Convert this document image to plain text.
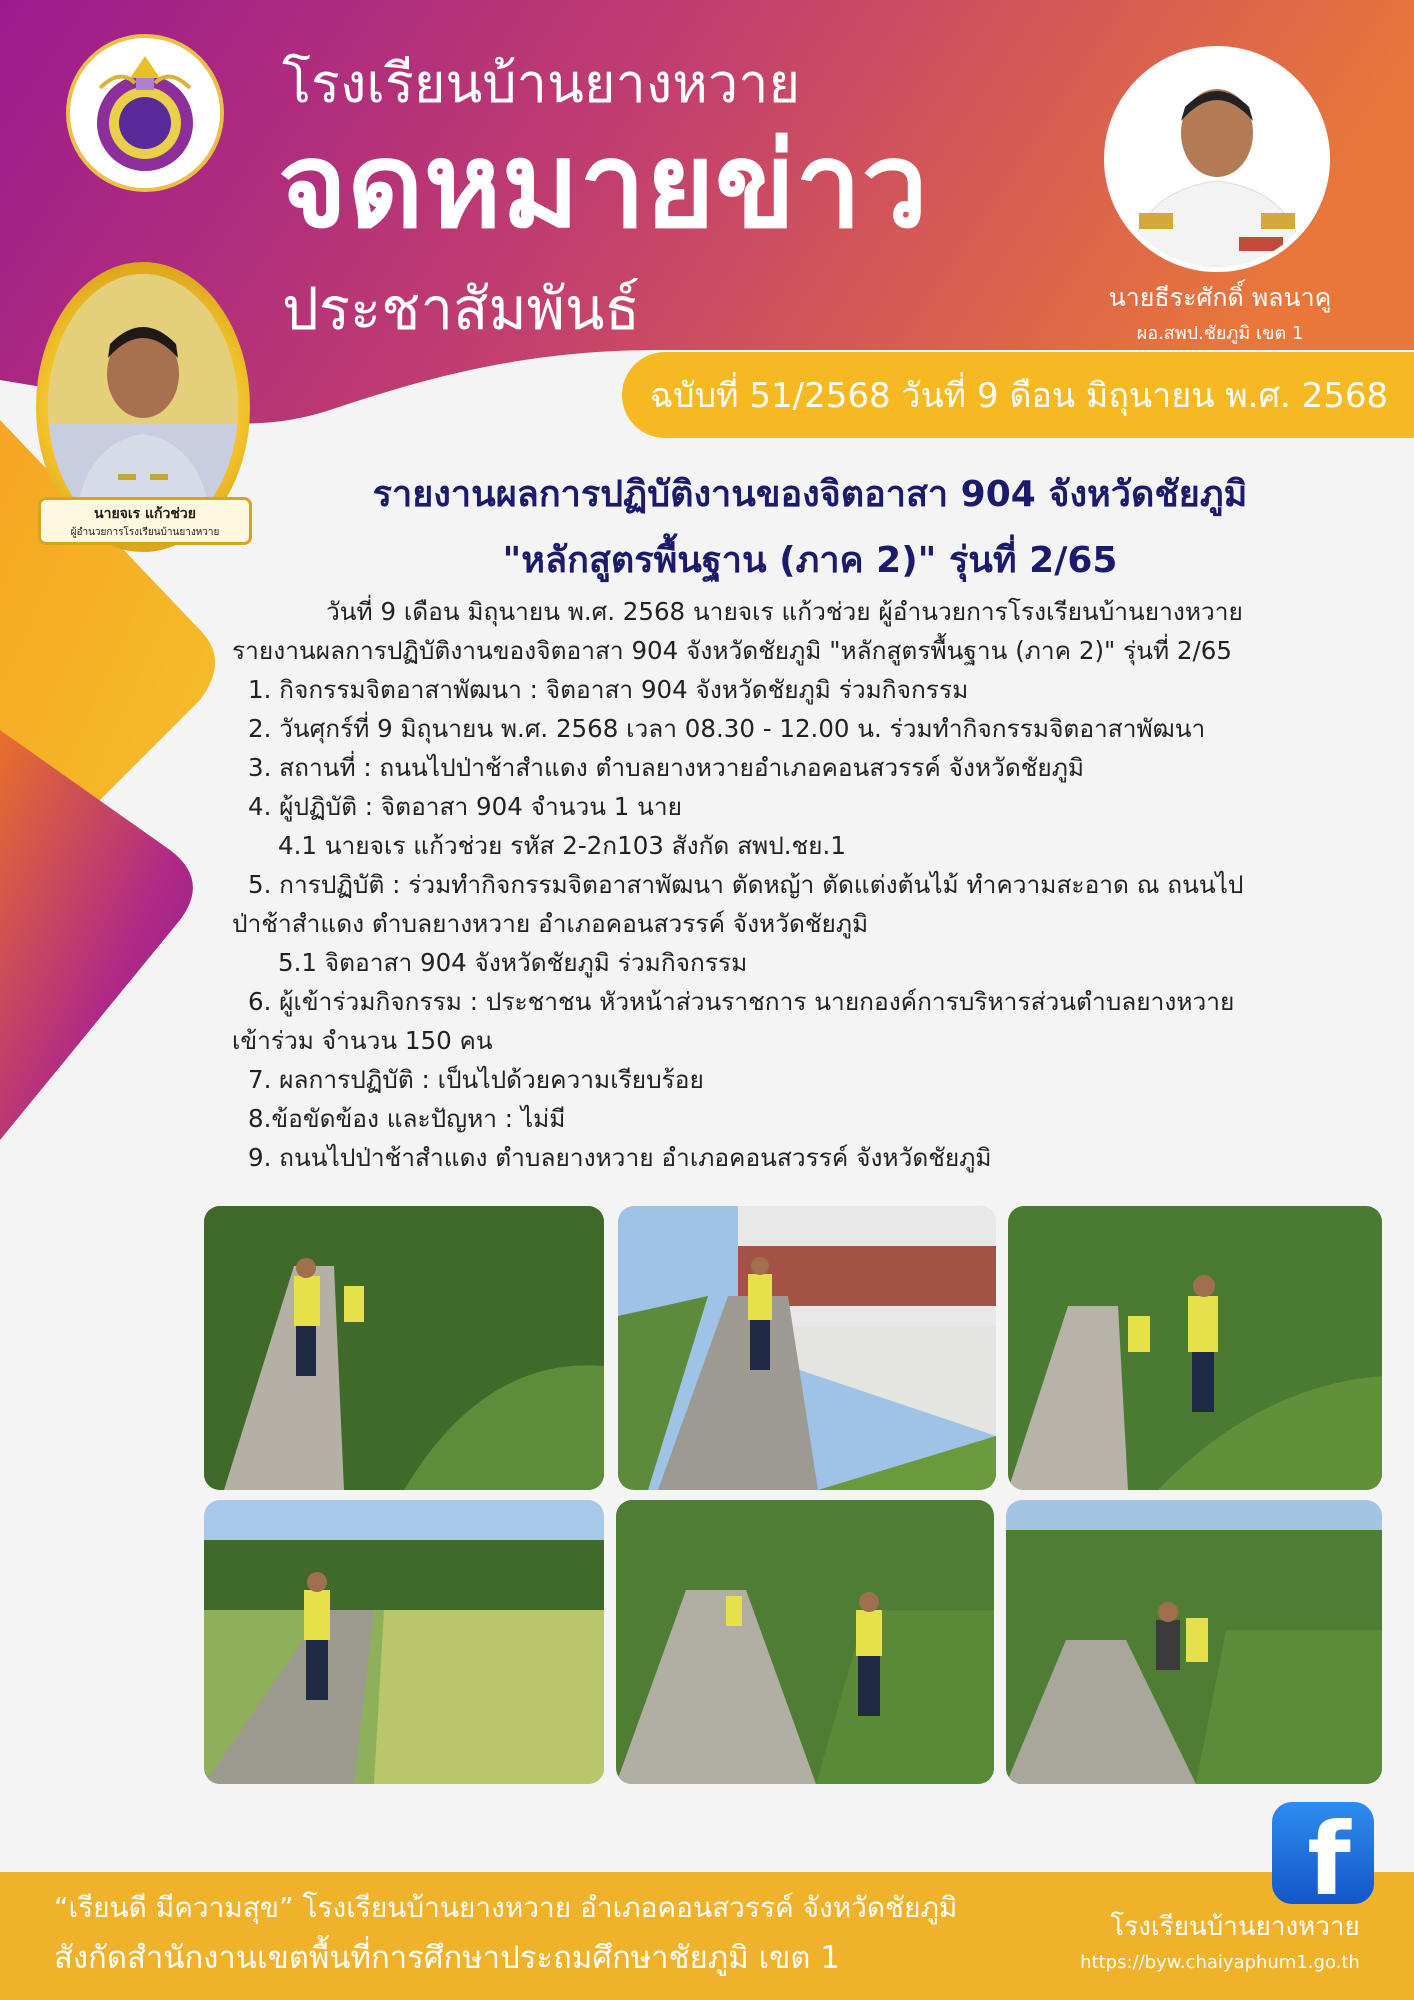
โรงเรียนบ้านยางหวาย
จดหมายข่าว
ประชาสัมพันธ์
นายจเร แก้วช่วย
ผู้อำนวยการโรงเรียนบ้านยางหวาย
นายธีระศักดิ์ พลนาคู
ผอ.สพป.ชัยภูมิ เขต 1
ฉบับที่ 51/2568 วันที่ 9 ดือน มิถุนายน พ.ศ. 2568
รายงานผลการปฏิบัติงานของจิตอาสา 904 จังหวัดชัยภูมิ
"หลักสูตรพื้นฐาน (ภาค 2)" รุ่นที่ 2/65

วันที่ 9 เดือน มิถุนายน พ.ศ. 2568 นายจเร แก้วช่วย ผู้อำนวยการโรงเรียนบ้านยางหวาย

รายงานผลการปฏิบัติงานของจิตอาสา 904 จังหวัดชัยภูมิ "หลักสูตรพื้นฐาน (ภาค 2)" รุ่นที่ 2/65

1. กิจกรรมจิตอาสาพัฒนา : จิตอาสา 904 จังหวัดชัยภูมิ ร่วมกิจกรรม

2. วันศุกร์ที่ 9 มิถุนายน พ.ศ. 2568 เวลา 08.30 - 12.00 น. ร่วมทำกิจกรรมจิตอาสาพัฒนา

3. สถานที่ : ถนนไปป่าช้าสำแดง ตำบลยางหวายอำเภอคอนสวรรค์ จังหวัดชัยภูมิ

4. ผู้ปฏิบัติ : จิตอาสา 904 จำนวน 1 นาย

4.1 นายจเร แก้วช่วย รหัส 2-2ก103 สังกัด สพป.ชย.1

5. การปฏิบัติ : ร่วมทำกิจกรรมจิตอาสาพัฒนา ตัดหญ้า ตัดแต่งต้นไม้ ทำความสะอาด ณ ถนนไป

ป่าช้าสำแดง ตำบลยางหวาย อำเภอคอนสวรรค์ จังหวัดชัยภูมิ

5.1 จิตอาสา 904 จังหวัดชัยภูมิ ร่วมกิจกรรม

6. ผู้เข้าร่วมกิจกรรม : ประชาชน หัวหน้าส่วนราชการ นายกองค์การบริหารส่วนตำบลยางหวาย

เข้าร่วม จำนวน 150 คน

7. ผลการปฏิบัติ : เป็นไปด้วยความเรียบร้อย

8.ข้อขัดข้อง และปัญหา : ไม่มี

9. ถนนไปป่าช้าสำแดง ตำบลยางหวาย อำเภอคอนสวรรค์ จังหวัดชัยภูมิ

“เรียนดี มีความสุข” โรงเรียนบ้านยางหวาย อำเภอคอนสวรรค์ จังหวัดชัยภูมิ
สังกัดสำนักงานเขตพื้นที่การศึกษาประถมศึกษาชัยภูมิ เขต 1
f
โรงเรียนบ้านยางหวาย
https://byw.chaiyaphum1.go.th
